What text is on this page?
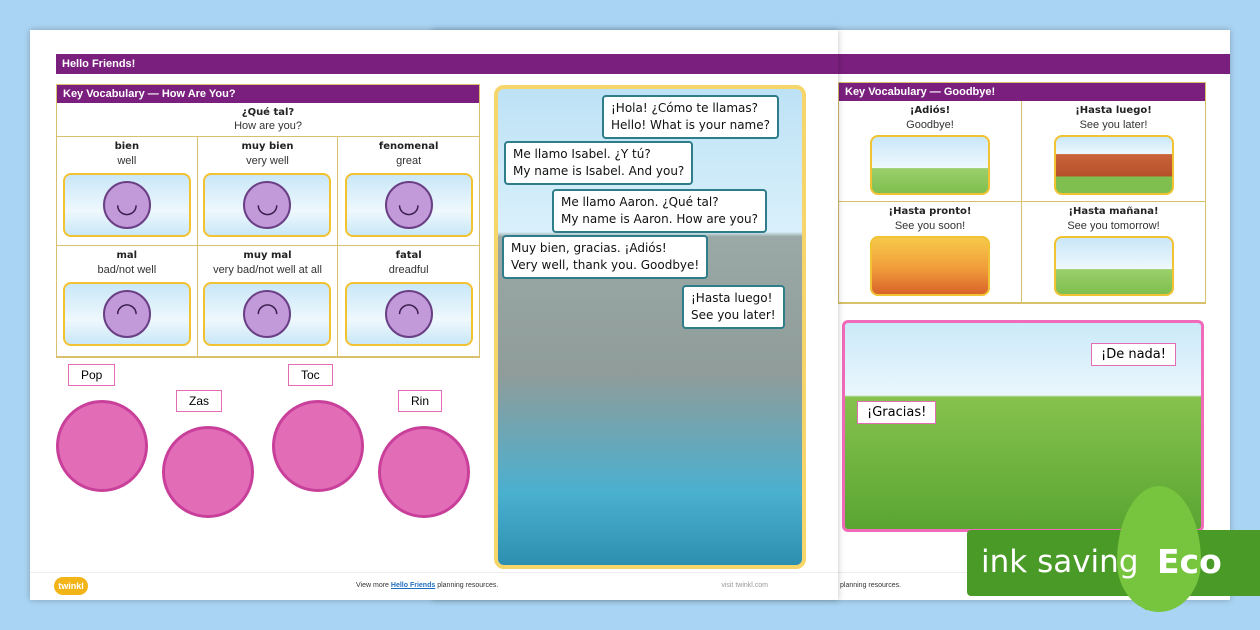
Key Vocabulary — Goodbye!
¡Adiós!
Goodbye!
¡Hasta luego!
See you later!
¡Hasta pronto!
See you soon!
¡Hasta mañana!
See you tomorrow!
¡Gracias!
¡De nada!
planning resources.
Hello Friends!
Key Vocabulary — How Are You?
¿Qué tal?
How are you?
bien
well
◡
muy bien
very well
◡
fenomenal
great
◡
mal
bad/not well
◠
muy mal
very bad/not well at all
◠
fatal
dreadful
◠
Pop
Zas
Toc
Rin
¡Hola! ¿Cómo te llamas?
Hello! What is your name?
Me llamo Isabel. ¿Y tú?
My name is Isabel. And you?
Me llamo Aaron. ¿Qué tal?
My name is Aaron. How are you?
Muy bien, gracias. ¡Adiós!
Very well, thank you. Goodbye!
¡Hasta luego!
See you later!
twinkl	View more Hello Friends planning resources.	visit twinkl.com
ink saving Eco
